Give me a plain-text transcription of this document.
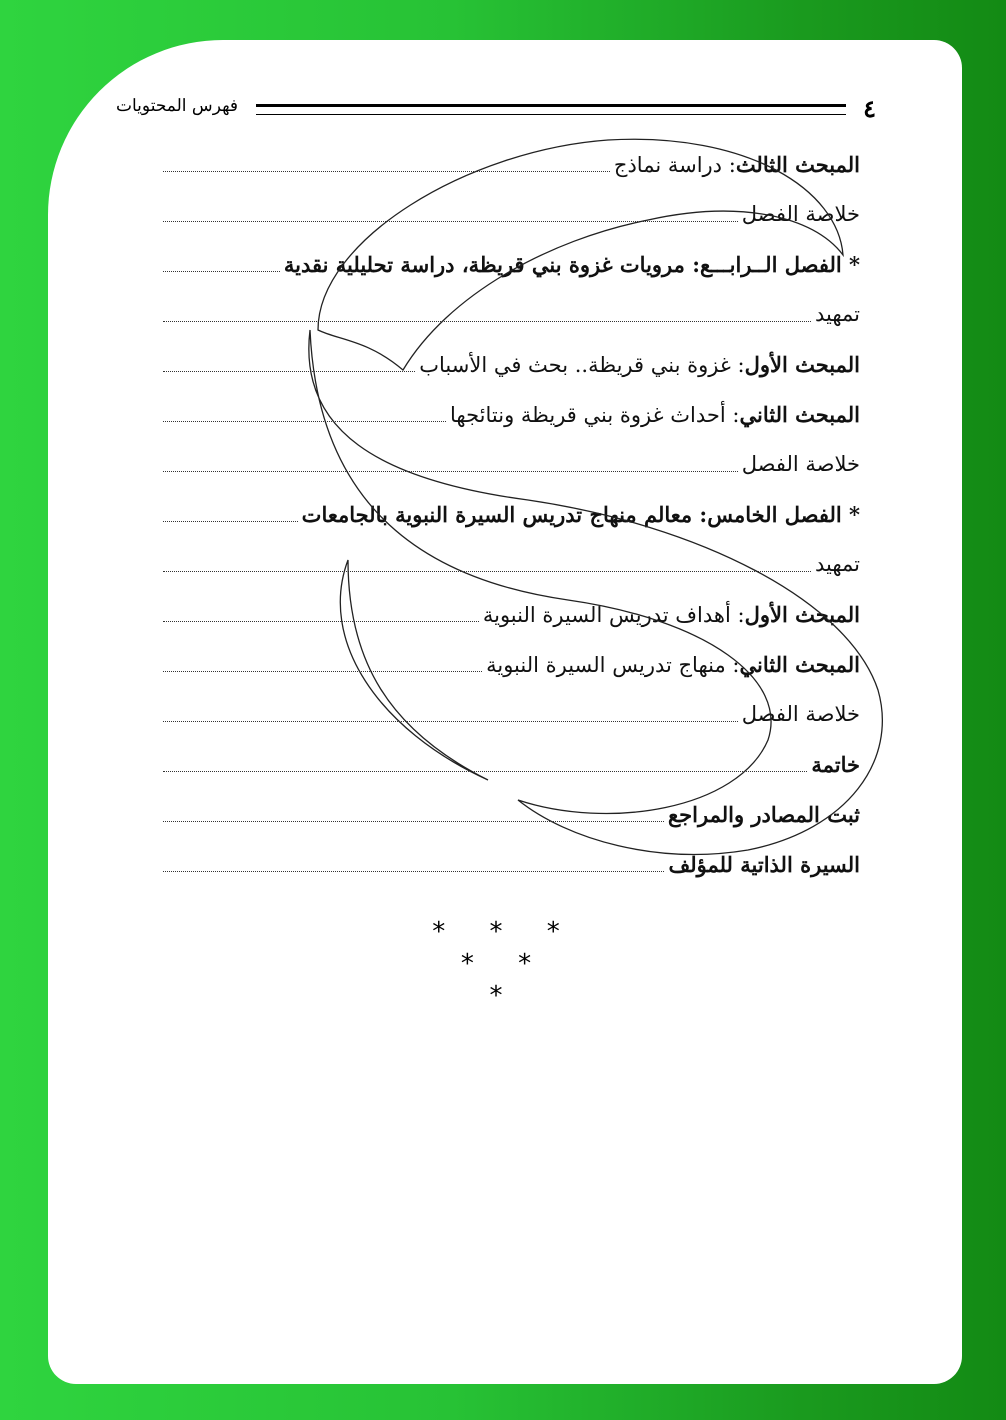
٤
فهرس المحتويات
المبحث الثالث: دراسة نماذج
خلاصة الفصل
* الفصل الــرابـــع: مرويات غزوة بني قريظة، دراسة تحليلية نقدية
تمهيد
المبحث الأول: غزوة بني قريظة.. بحث في الأسباب
المبحث الثاني: أحداث غزوة بني قريظة ونتائجها
خلاصة الفصل
* الفصل الخامس: معالم منهاج تدريس السيرة النبوية بالجامعات
تمهيد
المبحث الأول: أهداف تدريس السيرة النبوية
المبحث الثاني: منهاج تدريس السيرة النبوية
خلاصة الفصل
خاتمة
ثبت المصادر والمراجع
السيرة الذاتية للمؤلف
* * *
* *
*
